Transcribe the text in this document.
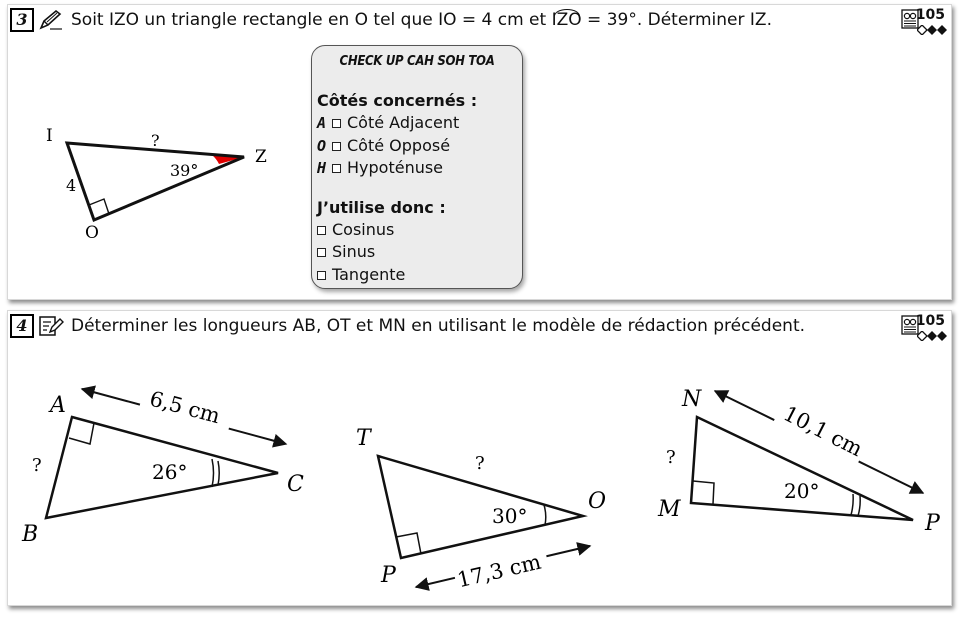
3	Soit IZO un triangle rectangle en O tel que IO = 4 cm et IZO = 39°. Déterminer IZ.	105
I
Z
O
4
?
39°
CHECK UP CAH SOH TOA
Côtés concernés :
A Côté Adjacent
O Côté Opposé
H Hypoténuse
J’utilise donc :
Cosinus
Sinus
Tangente
4	Déterminer les longueurs AB, OT et MN en utilisant le modèle de rédaction précédent.	105
A
B
C
6,5 cm
?	26°
T
P
O
?
17,3 cm
30°
N
M
P
10,1 cm
?
20°
